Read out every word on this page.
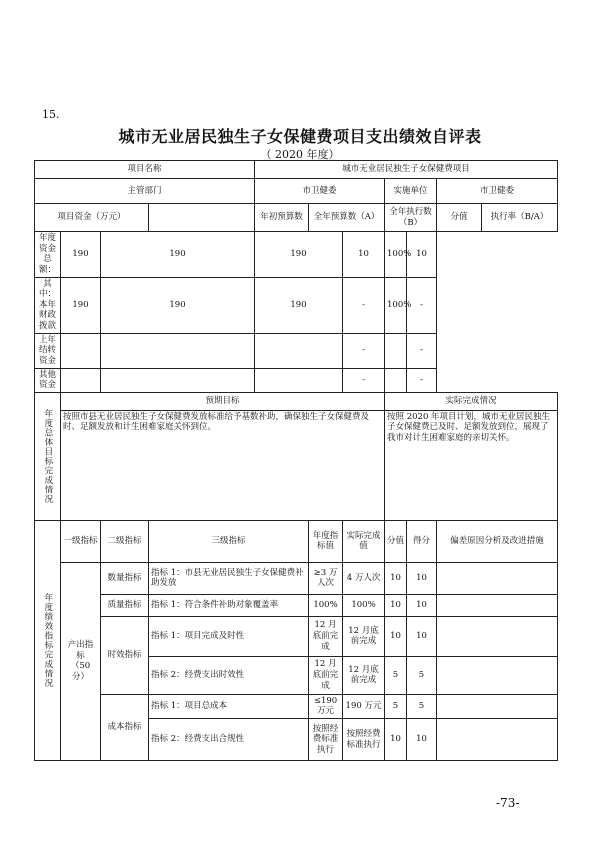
15.
城市无业居民独生子女保健费项目支出绩效自评表
（ 2020 年度）
项目名称				城市无业居民独生子女保健费项目							
主管部门				市卫健委			实施单位		市卫健委		
项目资金（万元）				年初预算数	全年预算数（A）		全年执行数（B）		分值	执行率（B/A）	
年度资金总额：	190	190		190		10	100%	10			
其中：本年财政拨款	190	190		190		-	100%	-			
上年结转资金						-		-			
其他资金						-		-			
年度总体目标完成情况	预期目标						实际完成情况				
	按照市县无业居民独生子女保健费发放标准给予基数补助，确保独生子女保健费及时、足额发放和计生困难家庭关怀到位。						按照 2020 年项目计划，城市无业居民独生子女保健费已及时、足额发放到位，展现了我市对计生困难家庭的亲切关怀。				
年度绩效指标完成情况	一级指标	二级指标	三级指标		年度指标值	实际完成值	分值	得分	偏差原因分析及改进措施		
	产出指标（50分）	数量指标	指标 1：市县无业居民独生子女保健费补助发放		≥3 万人次	4 万人次	10	10			
		质量指标	指标 1：符合条件补助对象覆盖率		100%	100%	10	10			
		时效指标	指标 1：项目完成及时性		12 月底前完成	12 月底前完成	10	10			
			指标 2：经费支出时效性		12 月底前完成	12 月底前完成	5	5			
		成本指标	指标 1：项目总成本		≤190 万元	190 万元	5	5			
			指标 2：经费支出合规性		按照经费标准执行	按照经费标准执行	10	10			
-73-
